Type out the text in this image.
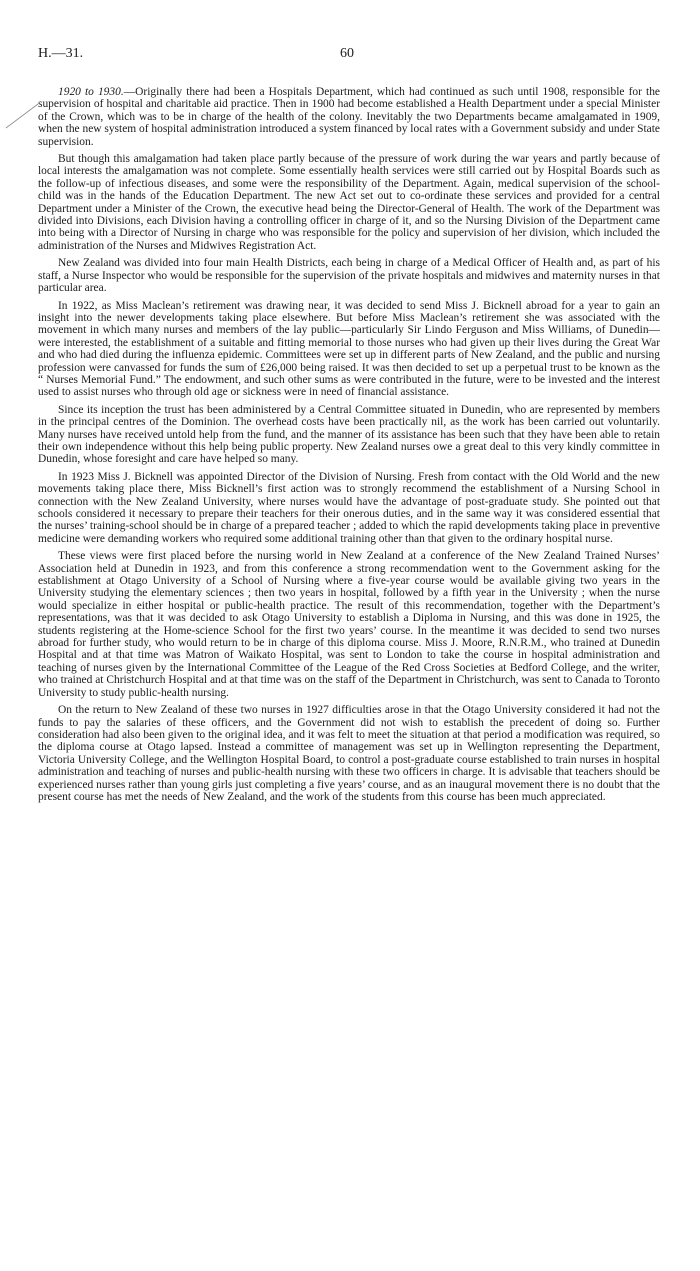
H.—31.	60

1920 to 1930.—Originally there had been a Hospitals Department, which had continued as such until 1908, responsible for the supervision of hospital and charitable aid practice. Then in 1900 had become established a Health Department under a special Minister of the Crown, which was to be in charge of the health of the colony. Inevitably the two Departments became amalgamated in 1909, when the new system of hospital administration introduced a system financed by local rates with a Government subsidy and under State supervision.

But though this amalgamation had taken place partly because of the pressure of work during the war years and partly because of local interests the amalgamation was not complete. Some essentially health services were still carried out by Hospital Boards such as the follow-up of infectious diseases, and some were the responsibility of the Department. Again, medical supervision of the school-child was in the hands of the Education Department. The new Act set out to co-ordinate these services and provided for a central Department under a Minister of the Crown, the executive head being the Director-General of Health. The work of the Department was divided into Divisions, each Division having a controlling officer in charge of it, and so the Nursing Division of the Department came into being with a Director of Nursing in charge who was responsible for the policy and supervision of her division, which included the administration of the Nurses and Midwives Registration Act.

New Zealand was divided into four main Health Districts, each being in charge of a Medical Officer of Health and, as part of his staff, a Nurse Inspector who would be responsible for the supervision of the private hospitals and midwives and maternity nurses in that particular area.

In 1922, as Miss Maclean’s retirement was drawing near, it was decided to send Miss J. Bicknell abroad for a year to gain an insight into the newer developments taking place elsewhere. But before Miss Maclean’s retirement she was associated with the movement in which many nurses and members of the lay public—particularly Sir Lindo Ferguson and Miss Williams, of Dunedin—were interested, the establishment of a suitable and fitting memorial to those nurses who had given up their lives during the Great War and who had died during the influenza epidemic. Committees were set up in different parts of New Zealand, and the public and nursing profession were canvassed for funds the sum of £26,000 being raised. It was then decided to set up a perpetual trust to be known as the “ Nurses Memorial Fund.” The endowment, and such other sums as were contributed in the future, were to be invested and the interest used to assist nurses who through old age or sickness were in need of financial assistance.

Since its inception the trust has been administered by a Central Committee situated in Dunedin, who are represented by members in the principal centres of the Dominion. The overhead costs have been practically nil, as the work has been carried out voluntarily. Many nurses have received untold help from the fund, and the manner of its assistance has been such that they have been able to retain their own independence without this help being public property. New Zealand nurses owe a great deal to this very kindly committee in Dunedin, whose foresight and care have helped so many.

In 1923 Miss J. Bicknell was appointed Director of the Division of Nursing. Fresh from contact with the Old World and the new movements taking place there, Miss Bicknell’s first action was to strongly recommend the establishment of a Nursing School in connection with the New Zealand University, where nurses would have the advantage of post-graduate study. She pointed out that schools considered it necessary to prepare their teachers for their onerous duties, and in the same way it was considered essential that the nurses’ training-school should be in charge of a prepared teacher ; added to which the rapid developments taking place in preventive medicine were demanding workers who required some additional training other than that given to the ordinary hospital nurse.

These views were first placed before the nursing world in New Zealand at a conference of the New Zealand Trained Nurses’ Association held at Dunedin in 1923, and from this conference a strong recommendation went to the Government asking for the establishment at Otago University of a School of Nursing where a five-year course would be available giving two years in the University studying the elementary sciences ; then two years in hospital, followed by a fifth year in the University ; when the nurse would specialize in either hospital or public-health practice. The result of this recommendation, together with the Department’s representations, was that it was decided to ask Otago University to establish a Diploma in Nursing, and this was done in 1925, the students registering at the Home-science School for the first two years’ course. In the meantime it was decided to send two nurses abroad for further study, who would return to be in charge of this diploma course. Miss J. Moore, R.N.R.M., who trained at Dunedin Hospital and at that time was Matron of Waikato Hospital, was sent to London to take the course in hospital administration and teaching of nurses given by the International Committee of the League of the Red Cross Societies at Bedford College, and the writer, who trained at Christchurch Hospital and at that time was on the staff of the Department in Christchurch, was sent to Canada to Toronto University to study public-health nursing.

On the return to New Zealand of these two nurses in 1927 difficulties arose in that the Otago University considered it had not the funds to pay the salaries of these officers, and the Government did not wish to establish the precedent of doing so. Further consideration had also been given to the original idea, and it was felt to meet the situation at that period a modification was required, so the diploma course at Otago lapsed. Instead a committee of management was set up in Wellington representing the Department, Victoria University College, and the Wellington Hospital Board, to control a post-graduate course established to train nurses in hospital administration and teaching of nurses and public-health nursing with these two officers in charge. It is advisable that teachers should be experienced nurses rather than young girls just completing a five years’ course, and as an inaugural movement there is no doubt that the present course has met the needs of New Zealand, and the work of the students from this course has been much appreciated.
